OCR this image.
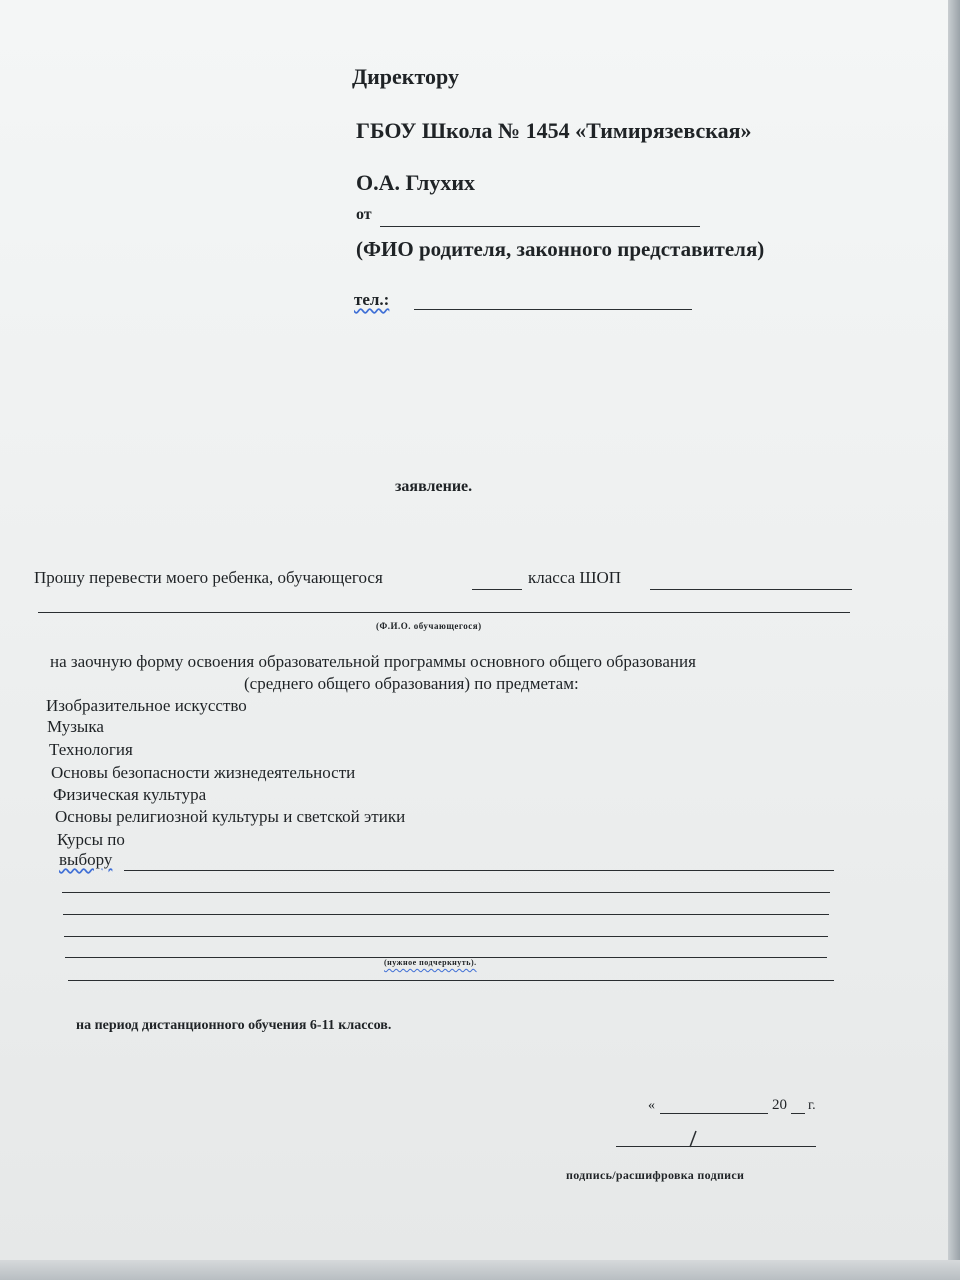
Директору
ГБОУ Школа № 1454 «Тимирязевская»
О.А. Глухих
от
(ФИО родителя, законного представителя)
тел.:
заявление.
Прошу перевести моего ребенка, обучающегося	класса ШОП
(Ф.И.О. обучающегося)
на заочную форму освоения образовательной программы основного общего образования
(среднего общего образования) по предметам:
Изобразительное искусство
Музыка
Технология
Основы безопасности жизнедеятельности
Физическая культура
Основы религиозной культуры и светской этики
Курсы по
выбору
(нужное подчеркнуть).
на период дистанционного обучения 6-11 классов.
«	20 г.
подпись/расшифровка подписи
